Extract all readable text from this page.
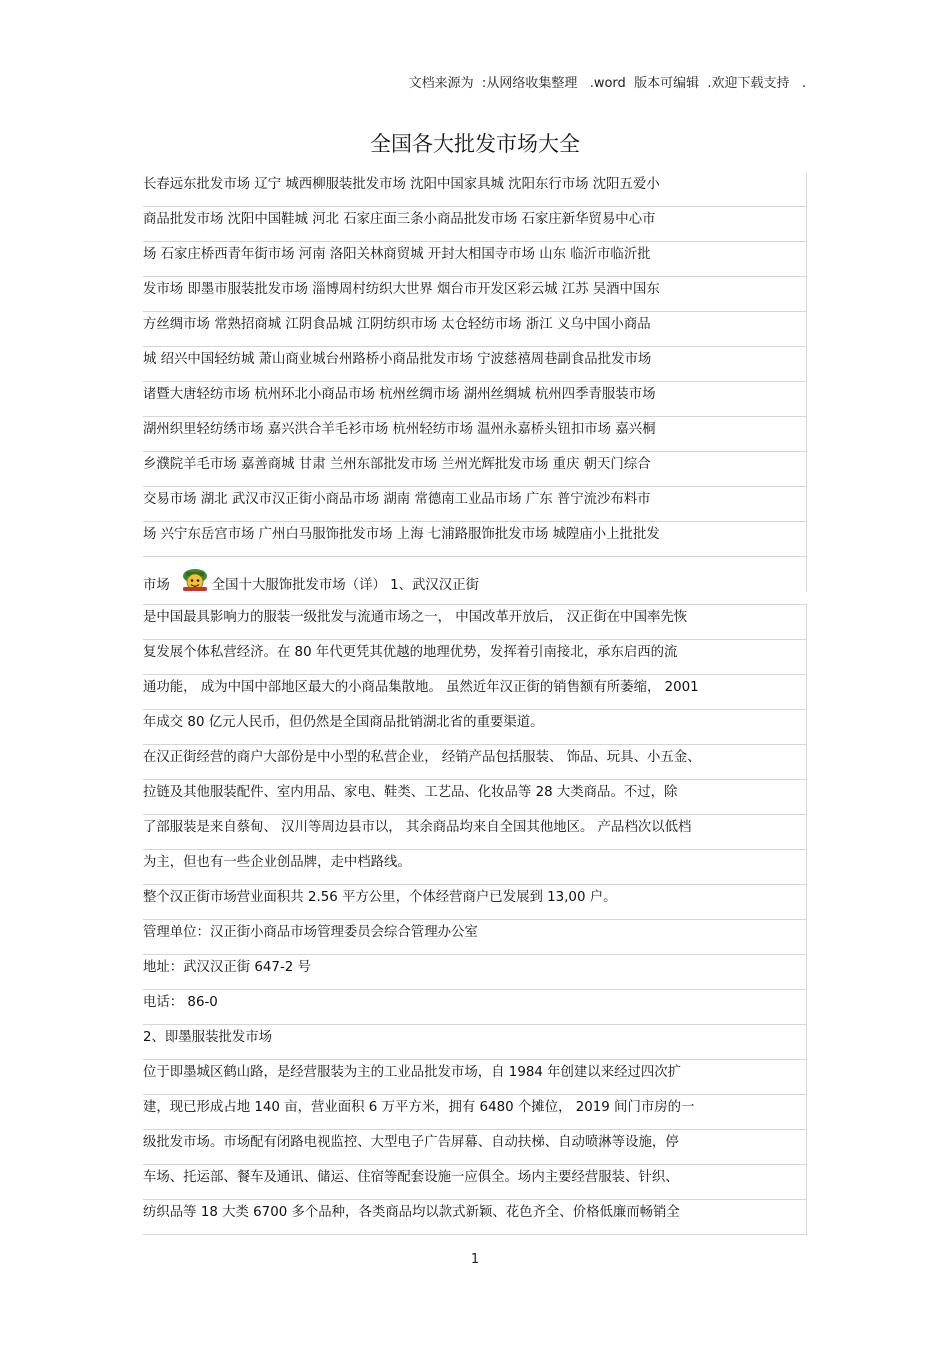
文档来源为  :从网络收集整理   .word  版本可编辑  .欢迎下载支持   .
全国各大批发市场大全
长春远东批发市场 辽宁 城西柳服装批发市场 沈阳中国家具城 沈阳东行市场 沈阳五爱小
商品批发市场 沈阳中国鞋城 河北 石家庄面三条小商品批发市场 石家庄新华贸易中心市
场 石家庄桥西青年街市场 河南 洛阳关林商贸城 开封大相国寺市场 山东 临沂市临沂批
发市场 即墨市服装批发市场 淄博周村纺织大世界 烟台市开发区彩云城 江苏 吴酒中国东
方丝绸市场 常熟招商城 江阴食品城 江阴纺织市场 太仓轻纺市场 浙江 义乌中国小商品
城 绍兴中国轻纺城 萧山商业城台州路桥小商品批发市场 宁波慈禧周巷副食品批发市场
诸暨大唐轻纺市场 杭州环北小商品市场 杭州丝绸市场 湖州丝绸城 杭州四季青服装市场
湖州织里轻纺绣市场 嘉兴洪合羊毛衫市场 杭州轻纺市场 温州永嘉桥头钮扣市场 嘉兴桐
乡濮院羊毛市场 嘉善商城 甘肃 兰州东部批发市场 兰州光辉批发市场 重庆 朝天门综合
交易市场 湖北 武汉市汉正街小商品市场 湖南 常德南工业品市场 广东 普宁流沙布料市
场 兴宁东岳宫市场 广州白马服饰批发市场 上海 七浦路服饰批发市场 城隍庙小上批批发
市场	全国十大服饰批发市场（详） 1、武汉汉正街
是中国最具影响力的服装一级批发与流通市场之一， 中国改革开放后， 汉正街在中国率先恢
复发展个体私营经济。在 80 年代更凭其优越的地理优势，发挥着引南接北，承东启西的流
通功能， 成为中国中部地区最大的小商品集散地。 虽然近年汉正街的销售额有所萎缩， 2001
年成交 80 亿元人民币，但仍然是全国商品批销湖北省的重要渠道。
在汉正街经营的商户大部份是中小型的私营企业， 经销产品包括服装、 饰品、玩具、小五金、
拉链及其他服装配件、室内用品、家电、鞋类、工艺品、化妆品等 28 大类商品。不过，除
了部服装是来自蔡甸、 汉川等周边县市以， 其余商品均来自全国其他地区。 产品档次以低档
为主，但也有一些企业创品牌，走中档路线。
整个汉正街市场营业面积共 2.56 平方公里，个体经营商户已发展到 13,00 户。
管理单位：汉正街小商品市场管理委员会综合管理办公室
地址：武汉汉正街 647-2 号
电话： 86-0
2、即墨服装批发市场
位于即墨城区鹤山路，是经营服装为主的工业品批发市场，自 1984 年创建以来经过四次扩
建，现已形成占地 140 亩，营业面积 6 万平方米，拥有 6480 个摊位， 2019 间门市房的一
级批发市场。市场配有闭路电视监控、大型电子广告屏幕、自动扶梯、自动喷淋等设施，停
车场、托运部、餐车及通讯、储运、住宿等配套设施一应俱全。场内主要经营服装、针织、
纺织品等 18 大类 6700 多个品种，各类商品均以款式新颖、花色齐全、价格低廉而畅销全
1
